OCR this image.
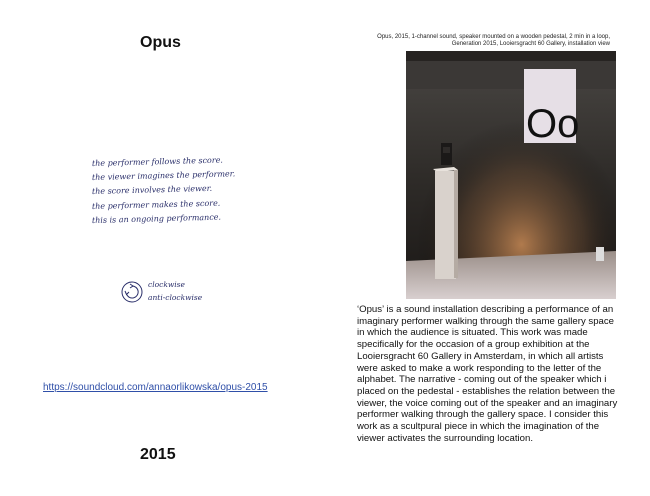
Opus
the performer follows the score.
the viewer imagines the performer.
the score involves the viewer.
the performer makes the score.
this is an ongoing performance.
clockwise
anti-clockwise
https://soundcloud.com/annaorlikowska/opus-2015
2015
Opus, 2015, 1-channel sound, speaker mounted on a wooden pedestal, 2 min in a loop,
Generation 2015, Looiersgracht 60 Gallery, installation view
Oo
‘Opus’ is a sound installation describing a performance of an imaginary performer walking through the same gallery space in which the audience is situated. This work was made specifically for the occasion of a group exhibition at the Looiersgracht 60 Gallery in Amsterdam, in which all artists were asked to make a work responding to the letter of the alphabet. The narrative - coming out of the speaker which i placed on the pedestal - establishes the relation between the viewer, the voice coming out of the speaker and an imaginary performer walking through the gallery space. I consider this work as a scultpural piece in which the imagination of the viewer activates the surrounding location.
